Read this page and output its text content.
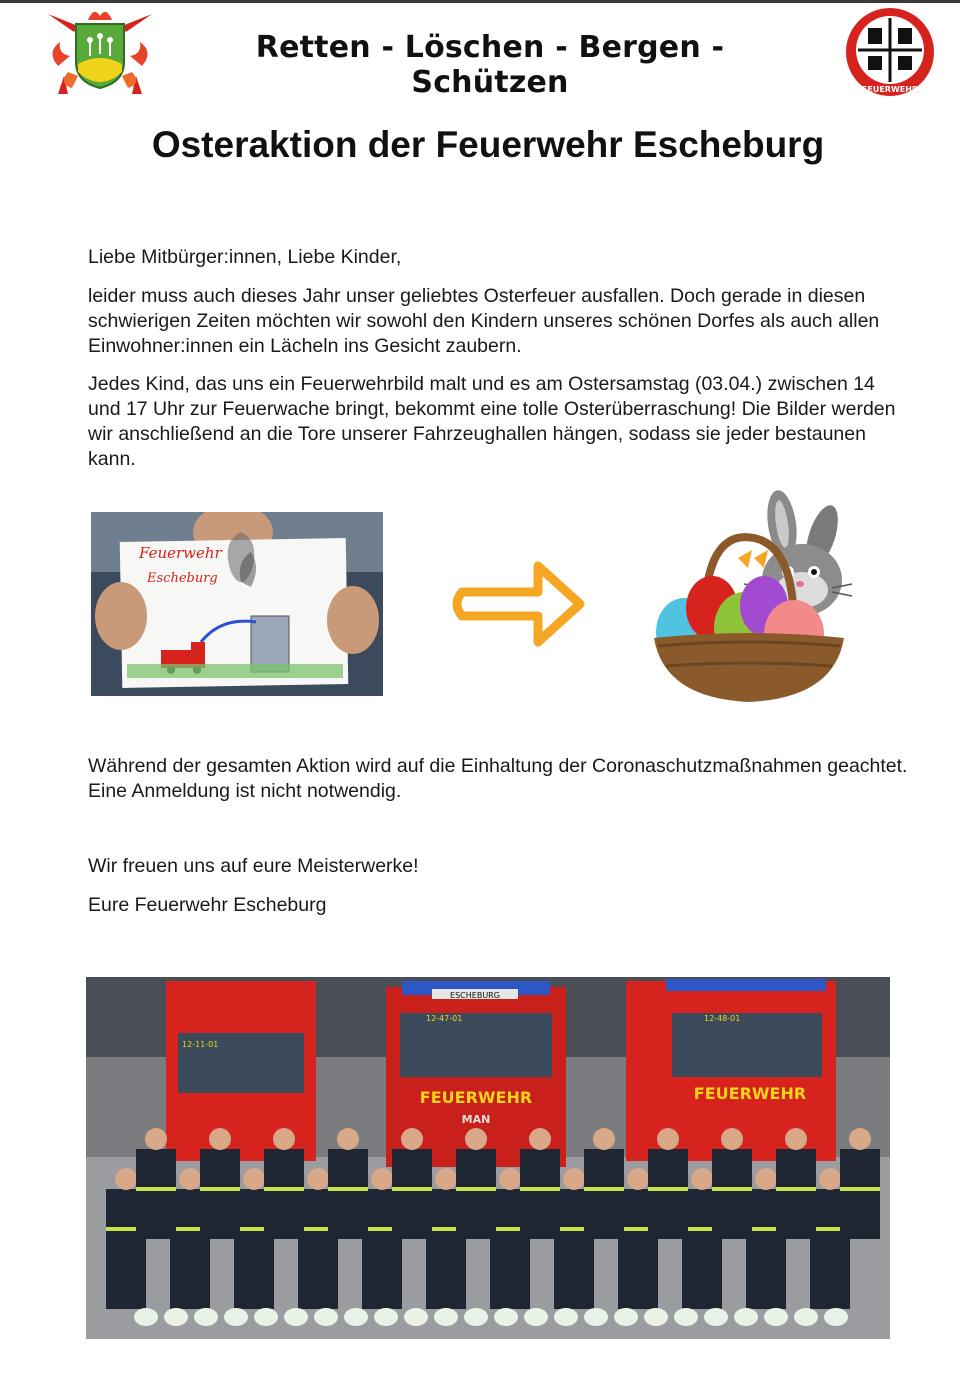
Retten - Löschen - Bergen - Schützen	FEUERWEHR
Osteraktion der Feuerwehr Escheburg

Liebe Mitbürger:innen, Liebe Kinder,

leider muss auch dieses Jahr unser geliebtes Osterfeuer ausfallen. Doch gerade in diesen schwierigen Zeiten möchten wir sowohl den Kindern unseres schönen Dorfes als auch allen Einwohner:innen ein Lächeln ins Gesicht zaubern.

Jedes Kind, das uns ein Feuerwehrbild malt und es am Ostersamstag (03.04.) zwischen 14 und 17 Uhr zur Feuerwache bringt, bekommt eine tolle Osterüberraschung! Die Bilder werden wir anschließend an die Tore unserer Fahrzeughallen hängen, sodass sie jeder bestaunen kann.

Feuerwehr
Escheburg

Während der gesamten Aktion wird auf die Einhaltung der Coronaschutzmaßnahmen geachtet. Eine Anmeldung ist nicht notwendig.

Wir freuen uns auf eure Meisterwerke!

Eure Feuerwehr Escheburg

12-11-01
ESCHEBURG
12-47-01
FEUERWEHR
MAN
12-48-01
FEUERWEHR
